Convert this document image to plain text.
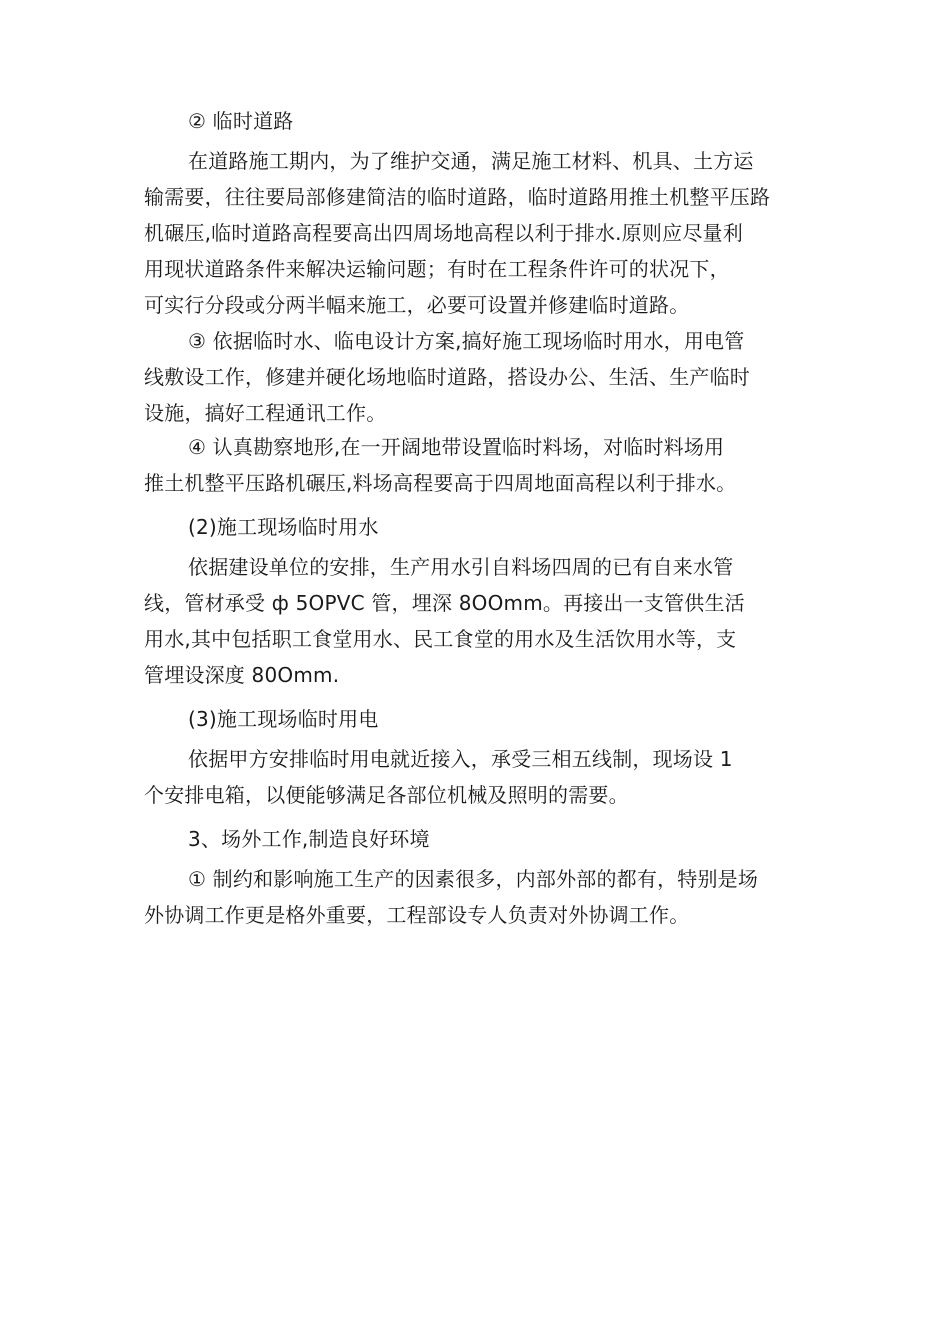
② 临时道路
在道路施工期内，为了维护交通，满足施工材料、机具、土方运
输需要，往往要局部修建简洁的临时道路，临时道路用推土机整平压路
机碾压,临时道路高程要高出四周场地高程以利于排水.原则应尽量利
用现状道路条件来解决运输问题；有时在工程条件许可的状况下，
可实行分段或分两半幅来施工，必要可设置并修建临时道路。
③ 依据临时水、临电设计方案,搞好施工现场临时用水，用电管
线敷设工作，修建并硬化场地临时道路，搭设办公、生活、生产临时
设施，搞好工程通讯工作。
④ 认真勘察地形,在一开阔地带设置临时料场，对临时料场用
推土机整平压路机碾压,料场高程要高于四周地面高程以利于排水。
(2)施工现场临时用水
依据建设单位的安排，生产用水引自料场四周的已有自来水管
线，管材承受 ф 5OPVC 管，埋深 8OOmm。再接出一支管供生活
用水,其中包括职工食堂用水、民工食堂的用水及生活饮用水等，支
管埋设深度 80Omm.
(3)施工现场临时用电
依据甲方安排临时用电就近接入，承受三相五线制，现场设 1
个安排电箱，以便能够满足各部位机械及照明的需要。
3、场外工作,制造良好环境
① 制约和影响施工生产的因素很多，内部外部的都有，特别是场
外协调工作更是格外重要，工程部设专人负责对外协调工作。
